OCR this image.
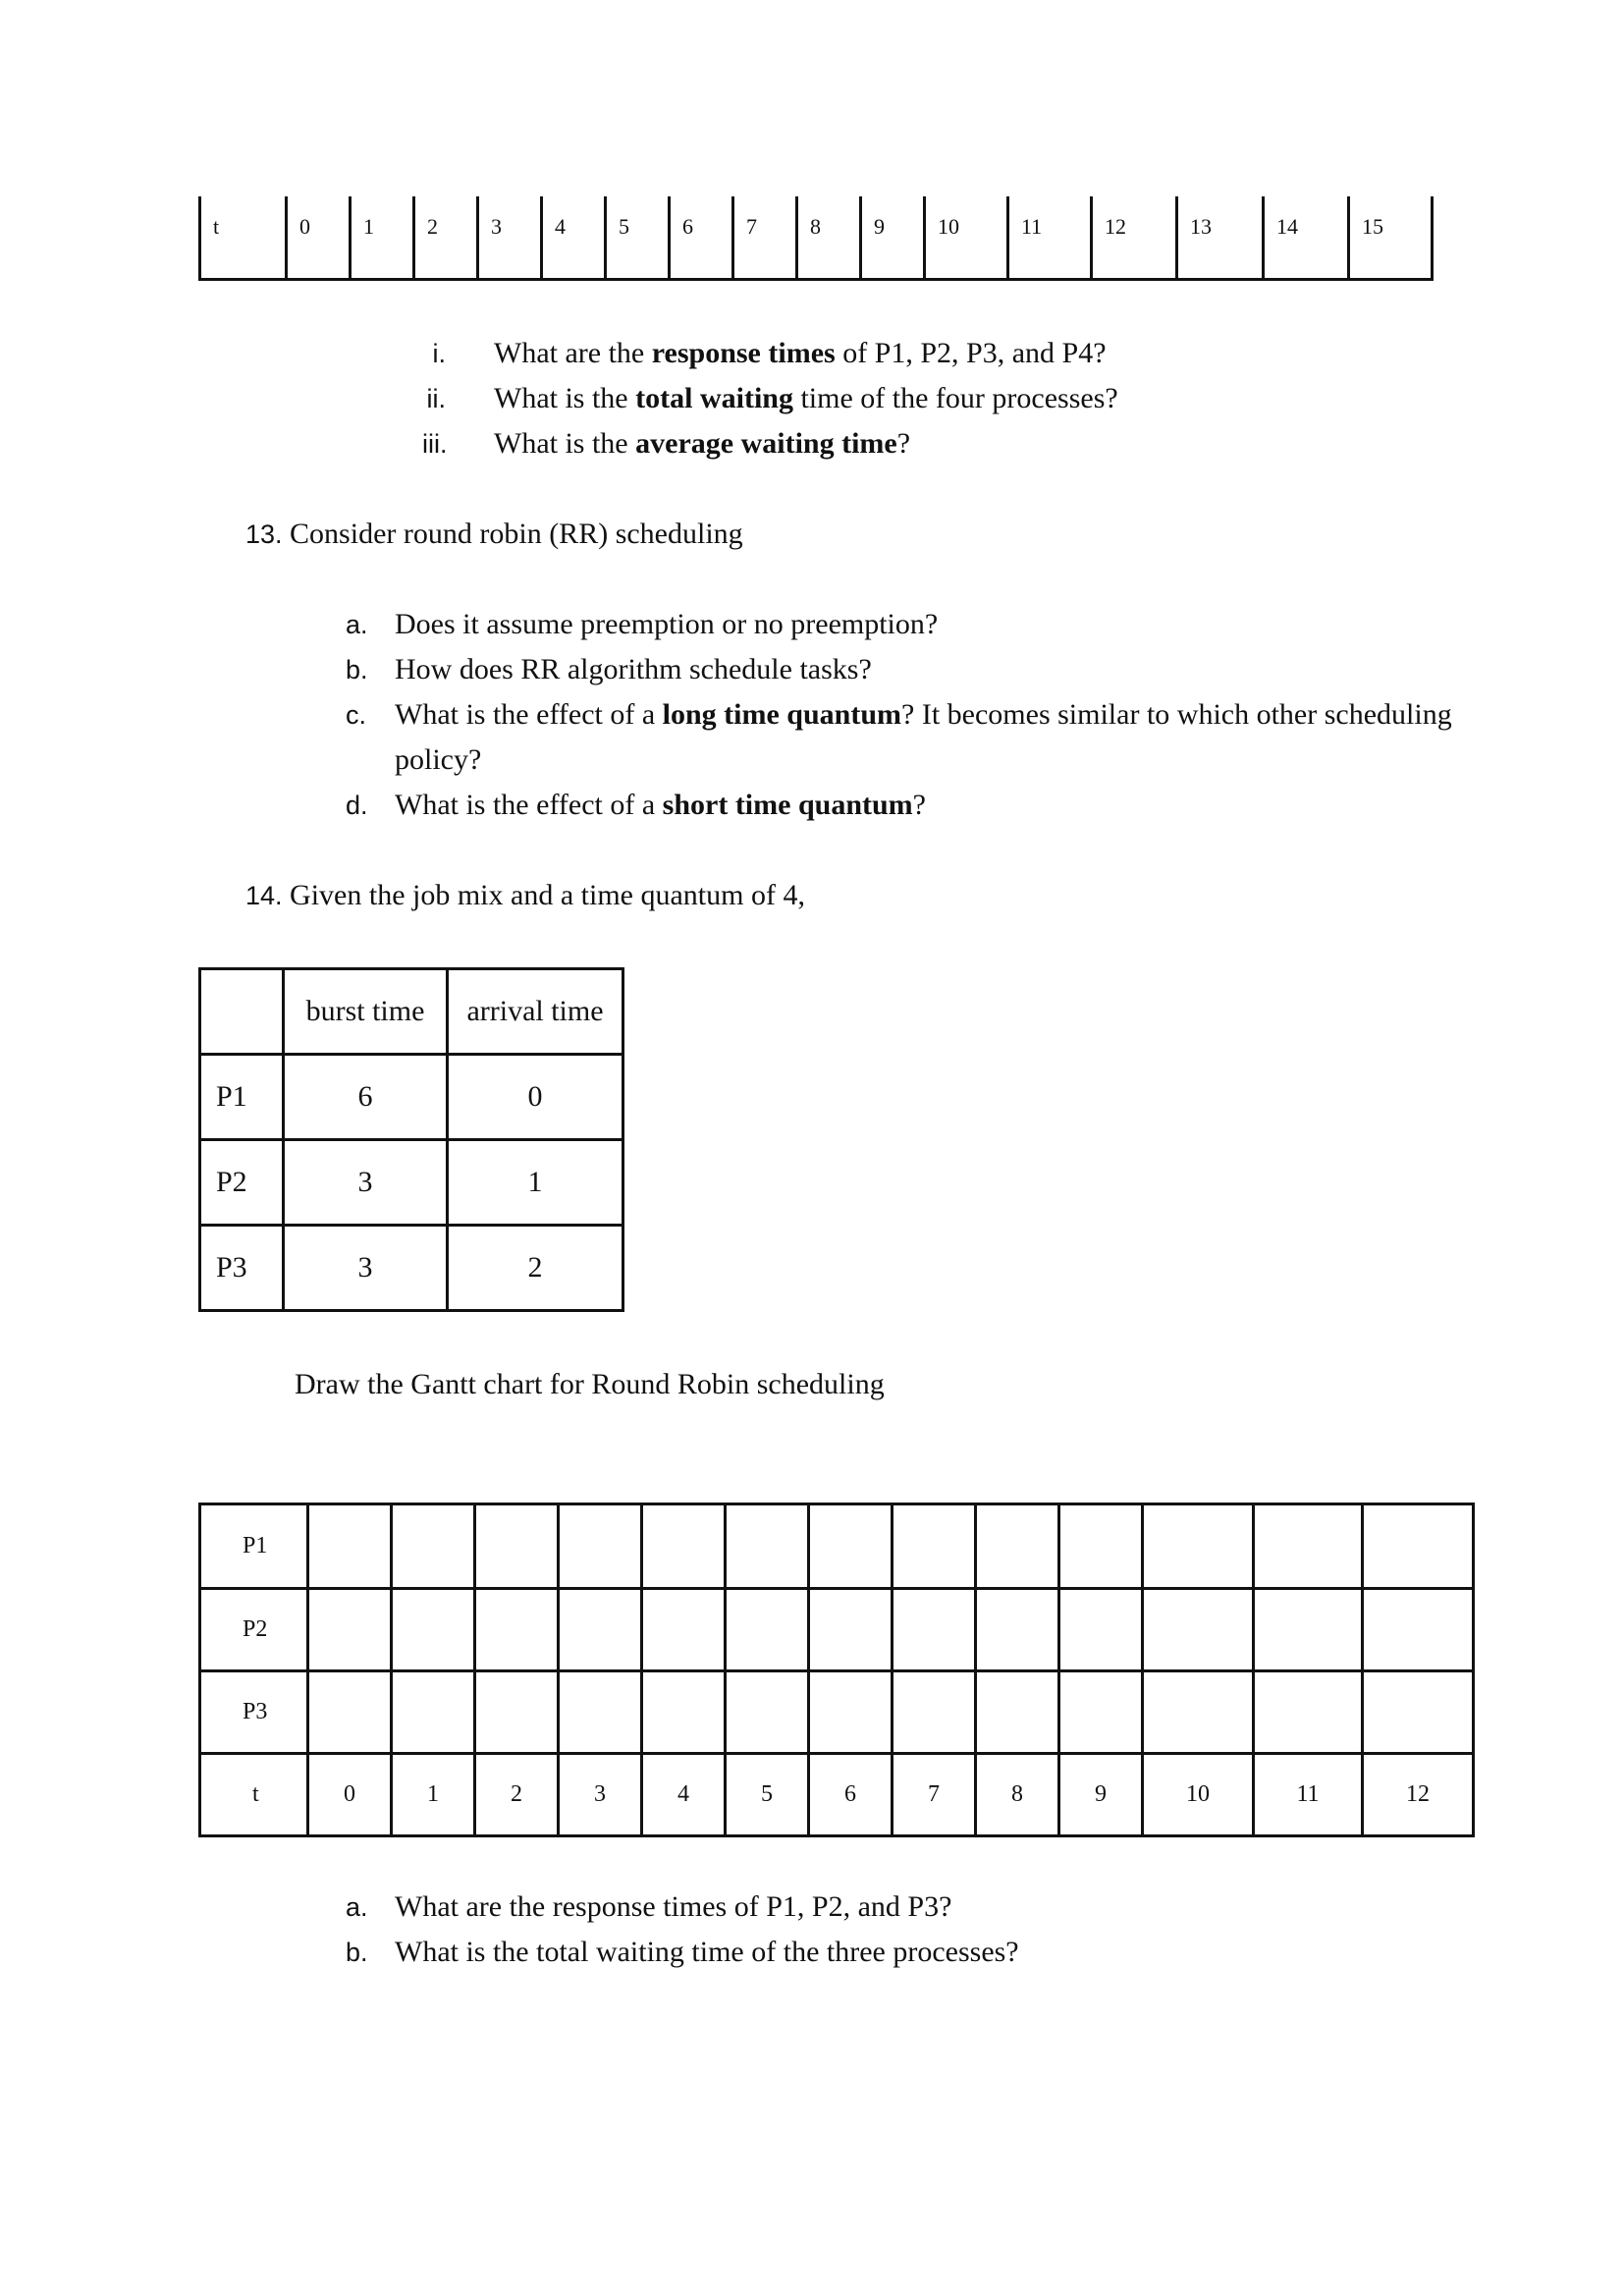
t	0 1 2 3 4 5 6 7 8 9 10	11	12	13	14	15
i. What are the response times of P1, P2, P3, and P4?
ii. What is the total waiting time of the four processes?
iii. What is the average waiting time?
13. Consider round robin (RR) scheduling
a. Does it assume preemption or no preemption?
b. How does RR algorithm schedule tasks?
c. What is the effect of a long time quantum? It becomes similar to which other scheduling
policy?
d. What is the effect of a short time quantum?
14. Given the job mix and a time quantum of 4,
	burst time	arrival time
P1	6	0
P2	3	1
P3	3	2
Draw the Gantt chart for Round Robin scheduling
P1													
P2													
P3													
t	0	1	2	3	4	5	6	7	8	9	10	11	12
a. What are the response times of P1, P2, and P3?
b. What is the total waiting time of the three processes?
